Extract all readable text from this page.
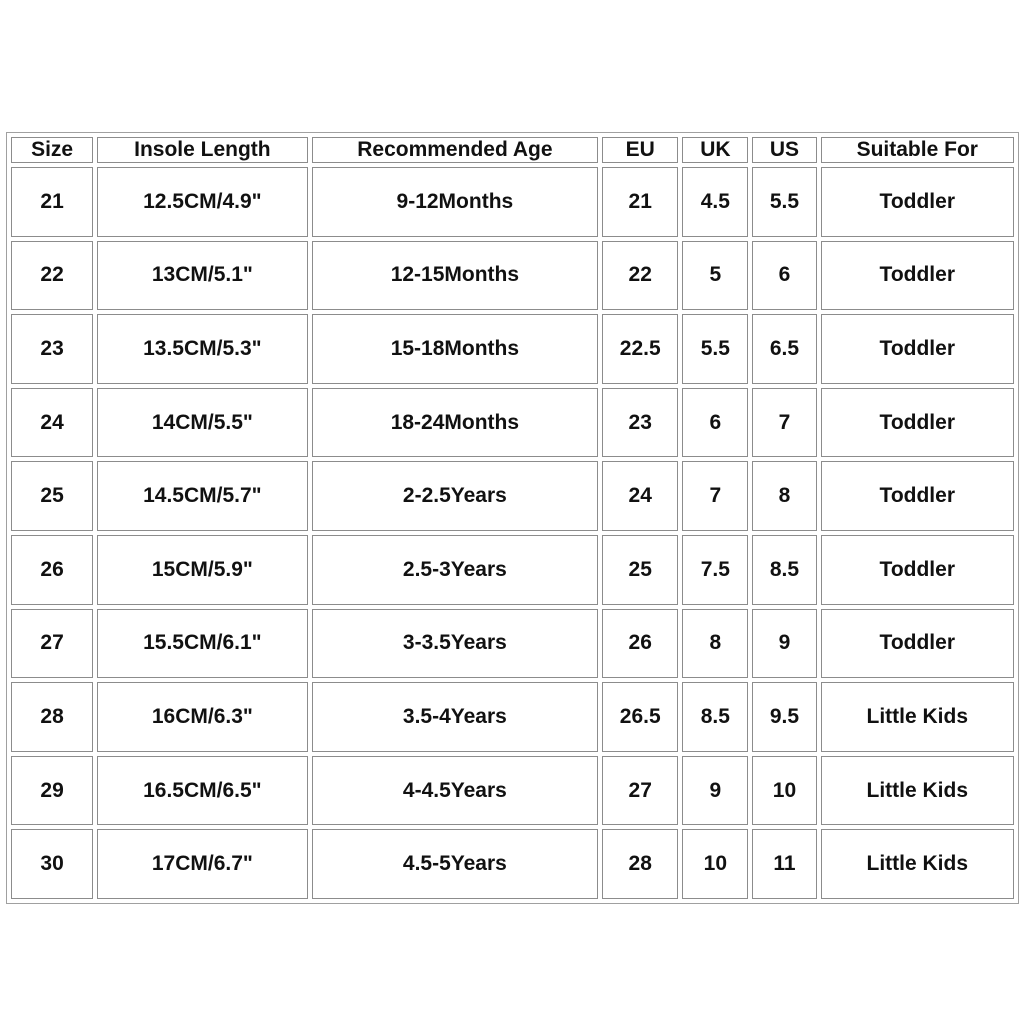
Size	Insole Length	Recommended Age	EU	UK	US	Suitable For
21	12.5CM/4.9"	9-12Months	21	4.5	5.5	Toddler
22	13CM/5.1"	12-15Months	22	5	6	Toddler
23	13.5CM/5.3"	15-18Months	22.5	5.5	6.5	Toddler
24	14CM/5.5"	18-24Months	23	6	7	Toddler
25	14.5CM/5.7"	2-2.5Years	24	7	8	Toddler
26	15CM/5.9"	2.5-3Years	25	7.5	8.5	Toddler
27	15.5CM/6.1"	3-3.5Years	26	8	9	Toddler
28	16CM/6.3"	3.5-4Years	26.5	8.5	9.5	Little Kids
29	16.5CM/6.5"	4-4.5Years	27	9	10	Little Kids
30	17CM/6.7"	4.5-5Years	28	10	11	Little Kids
